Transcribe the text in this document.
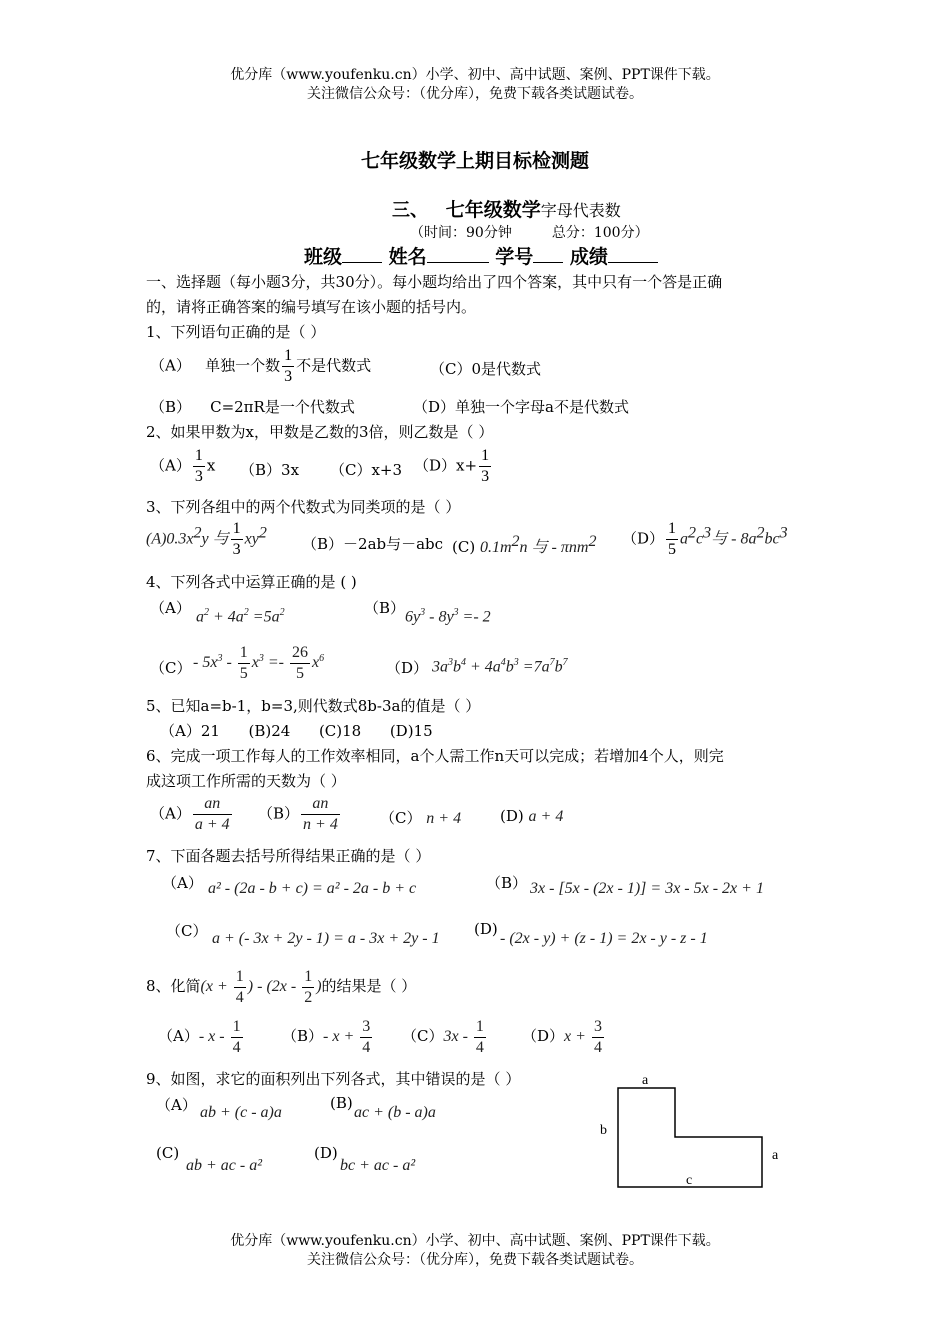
优分库（www.youfenku.cn）小学、初中、高中试题、案例、PPT课件下载。
关注微信公众号：（优分库），免费下载各类试题试卷。
七年级数学上期目标检测题
三、 七年级数学字母代表数
（时间：90分钟         总分：100分）
班级 姓名	学号 成绩
一、选择题（每小题3分，共30分）。每小题均给出了四个答案，其中只有一个答是正确
的，请将正确答案的编号填写在该小题的括号内。
1、下列语句正确的是（ ）
（A）   单独一个数 $\frac{1}{3}$ 不是代数式	（C）0是代数式
（B）    C=2πR是一个代数式	（D）单独一个字母a不是代数式
2、如果甲数为x，甲数是乙数的3倍，则乙数是（ ）
$(A) \frac{1}{3}$ x （B）3x （C）x+3 $(D)x+ \frac{1}{3}$
3、下列各组中的两个代数式为同类项的是（ ）
$(A)0.3x^2y$ 与 $\frac{1}{3} xy^2$
（B）－2ab与－abc (C) $0.1m^2n$ 与 - πnm$^2$ $(D) \frac{1}{5} a^2c^3$与 - $8a^2bc^3$
4、下列各式中运算正确的是 ( )
（A） $a^2 + 4a^2 =5a^2$	（B） $6y^3 - 8y^3 =- 2$
$(C) - 5x^3 - \frac{1}{5} x^3 =- \frac{26}{5} x^6$
（D） $3a^3b^4 + 4a^4b^3 =7a^7b^7$
5、已知a=b-1，b=3,则代数式8b-3a的值是（ ）
（A）21      (B)24      (C)18      (D)15
6、完成一项工作每人的工作效率相同，a个人需工作n天可以完成；若增加4个人，则完
成这项工作所需的天数为（ ）
$(A) \frac{an}{a + 4} (B) \frac{an}{n + 4}$	（C） n + 4	(D) a + 4
7、下面各题去括号所得结果正确的是（ ）
（A） a² - (2a - b + c) = a² - 2a - b + c	（B） 3x - [5x - (2x - 1)] = 3x - 5x - 2x + 1
（C） a + (- 3x + 2y - 1) = a - 3x + 2y - 1
(D)
- (2x - y) + (z - 1) = 2x - y - z - 1
8、化简($x + \frac{1}{4}$ ) - ($2x - \frac{1}{2}$ )的结果是（ ）
（A）- x - $\frac{1}{4}$	（B）- $x + \frac{3}{4} (C)3x - \frac{1}{4} (D)x + \frac{3}{4}$
9、如图，求它的面积列出下列各式，其中错误的是（ ）
（A） ab + (c - a)a
(B)
ac + (b - a)a
(C)
ab + ac - a²
(D)
bc + ac - a²
a
b
a
c
优分库（www.youfenku.cn）小学、初中、高中试题、案例、PPT课件下载。
关注微信公众号：（优分库），免费下载各类试题试卷。
